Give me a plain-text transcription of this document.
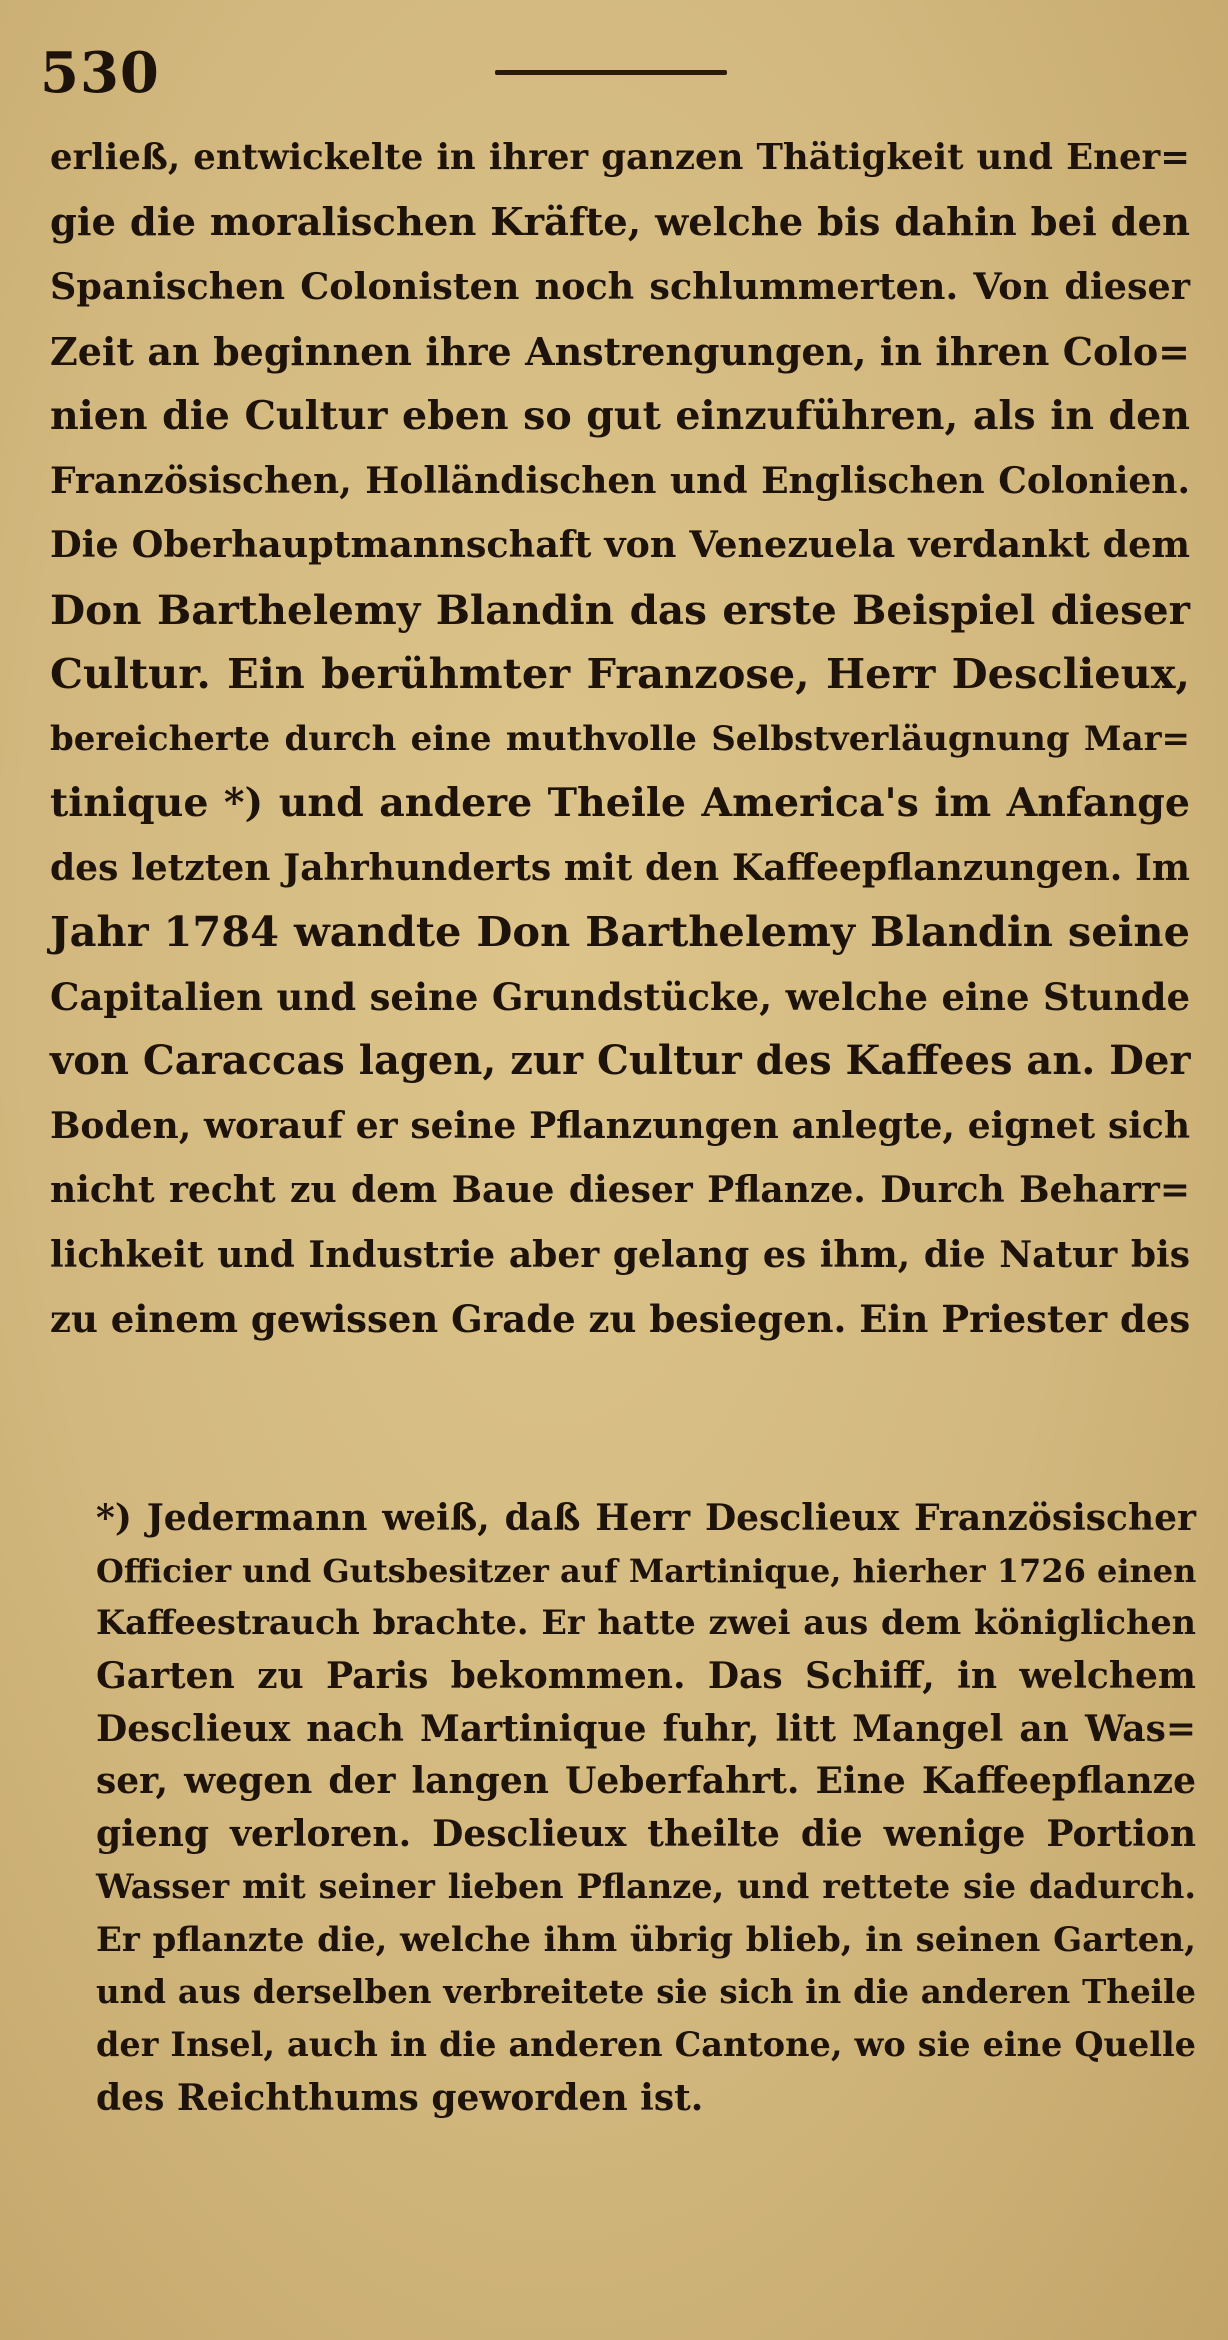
530
erließ, entwickelte in ihrer ganzen Thätigkeit und Ener=
gie die moralischen Kräfte, welche bis dahin bei den
Spanischen Colonisten noch schlummerten. Von dieser
Zeit an beginnen ihre Anstrengungen, in ihren Colo=
nien die Cultur eben so gut einzuführen, als in den
Französischen, Holländischen und Englischen Colonien.
Die Oberhauptmannschaft von Venezuela verdankt dem
Don Barthelemy Blandin das erste Beispiel dieser
Cultur. Ein berühmter Franzose, Herr Desclieux,
bereicherte durch eine muthvolle Selbstverläugnung Mar=
tinique *) und andere Theile America's im Anfange
des letzten Jahrhunderts mit den Kaffeepflanzungen. Im
Jahr 1784 wandte Don Barthelemy Blandin seine
Capitalien und seine Grundstücke, welche eine Stunde
von Caraccas lagen, zur Cultur des Kaffees an. Der
Boden, worauf er seine Pflanzungen anlegte, eignet sich
nicht recht zu dem Baue dieser Pflanze. Durch Beharr=
lichkeit und Industrie aber gelang es ihm, die Natur bis
zu einem gewissen Grade zu besiegen. Ein Priester des
*) Jedermann weiß, daß Herr Desclieux Französischer
Officier und Gutsbesitzer auf Martinique, hierher 1726 einen
Kaffeestrauch brachte. Er hatte zwei aus dem königlichen
Garten zu Paris bekommen. Das Schiff, in welchem
Desclieux nach Martinique fuhr, litt Mangel an Was=
ser, wegen der langen Ueberfahrt. Eine Kaffeepflanze
gieng verloren. Desclieux theilte die wenige Portion
Wasser mit seiner lieben Pflanze, und rettete sie dadurch.
Er pflanzte die, welche ihm übrig blieb, in seinen Garten,
und aus derselben verbreitete sie sich in die anderen Theile
der Insel, auch in die anderen Cantone, wo sie eine Quelle
des Reichthums geworden ist.
